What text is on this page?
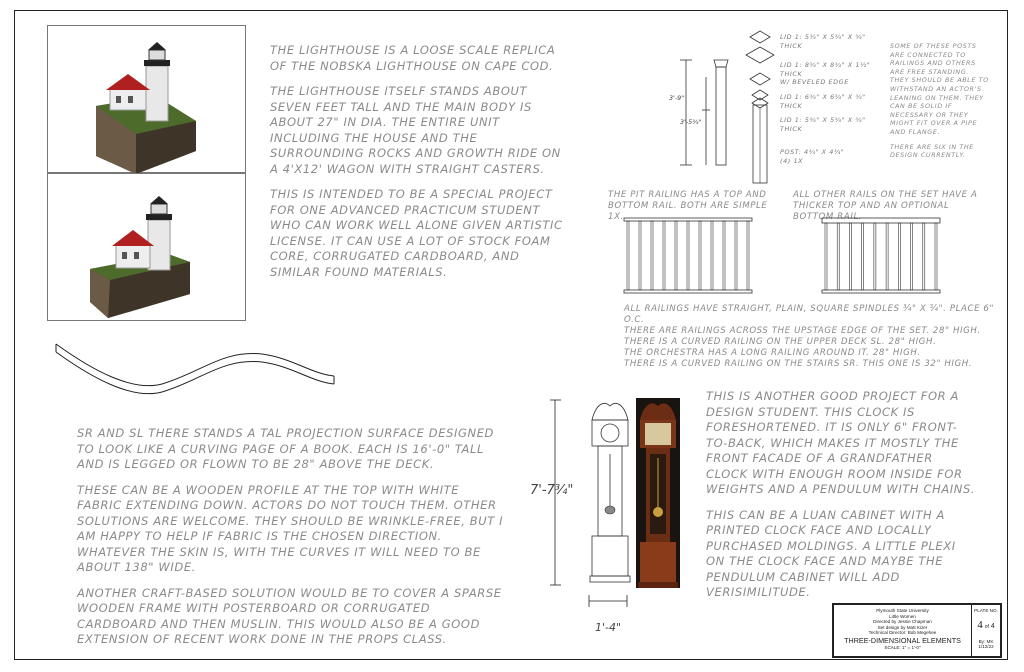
THE LIGHTHOUSE IS A LOOSE SCALE REPLICA OF THE NOBSKA LIGHTHOUSE ON CAPE COD.

THE LIGHTHOUSE ITSELF STANDS ABOUT SEVEN FEET TALL AND THE MAIN BODY IS ABOUT 27" IN DIA. THE ENTIRE UNIT INCLUDING THE HOUSE AND THE SURROUNDING ROCKS AND GROWTH RIDE ON A 4'X12' WAGON WITH STRAIGHT CASTERS.

THIS IS INTENDED TO BE A SPECIAL PROJECT FOR ONE ADVANCED PRACTICUM STUDENT WHO CAN WORK WELL ALONE GIVEN ARTISTIC LICENSE. IT CAN USE A LOT OF STOCK FOAM CORE, CORRUGATED CARDBOARD, AND SIMILAR FOUND MATERIALS.

3'-9"
3'-5¾"

LID 1: 5¾" X 5¾" X ¾" THICK

LID 1: 8¾" X 8¾" X 1½" THICK

W/ BEVELED EDGE

LID 1: 6¾" X 6¾" X ¾" THICK

LID 1: 5¾" X 5¾" X ¾" THICK

POST: 4¾" X 4¾"

(4) 1X

SOME OF THESE POSTS ARE CONNECTED TO RAILINGS AND OTHERS ARE FREE STANDING. THEY SHOULD BE ABLE TO WITHSTAND AN ACTOR'S LEANING ON THEM. THEY CAN BE SOLID IF NECESSARY OR THEY MIGHT FIT OVER A PIPE AND FLANGE.

THERE ARE SIX IN THE DESIGN CURRENTLY.

THE PIT RAILING HAS A TOP AND BOTTOM RAIL. BOTH ARE SIMPLE 1X.
ALL OTHER RAILS ON THE SET HAVE A THICKER TOP AND AN OPTIONAL BOTTOM RAIL.

ALL RAILINGS HAVE STRAIGHT, PLAIN, SQUARE SPINDLES ¾" X ¾". PLACE 6" O.C.

THERE ARE RAILINGS ACROSS THE UPSTAGE EDGE OF THE SET. 28" HIGH.

THERE IS A CURVED RAILING ON THE UPPER DECK SL. 28" HIGH.

THE ORCHESTRA HAS A LONG RAILING AROUND IT. 28" HIGH.

THERE IS A CURVED RAILING ON THE STAIRS SR. THIS ONE IS 32" HIGH.

SR AND SL THERE STANDS A TAL PROJECTION SURFACE DESIGNED TO LOOK LIKE A CURVING PAGE OF A BOOK. EACH IS 16'-0" TALL AND IS LEGGED OR FLOWN TO BE 28" ABOVE THE DECK.

THESE CAN BE A WOODEN PROFILE AT THE TOP WITH WHITE FABRIC EXTENDING DOWN. ACTORS DO NOT TOUCH THEM. OTHER SOLUTIONS ARE WELCOME. THEY SHOULD BE WRINKLE-FREE, BUT I AM HAPPY TO HELP IF FABRIC IS THE CHOSEN DIRECTION. WHATEVER THE SKIN IS, WITH THE CURVES IT WILL NEED TO BE ABOUT 138" WIDE.

ANOTHER CRAFT-BASED SOLUTION WOULD BE TO COVER A SPARSE WOODEN FRAME WITH POSTERBOARD OR CORRUGATED CARDBOARD AND THEN MUSLIN. THIS WOULD ALSO BE A GOOD EXTENSION OF RECENT WORK DONE IN THE PROPS CLASS.

7'-7¾"
1'-4"

THIS IS ANOTHER GOOD PROJECT FOR A DESIGN STUDENT. THIS CLOCK IS FORESHORTENED. IT IS ONLY 6" FRONT-TO-BACK, WHICH MAKES IT MOSTLY THE FRONT FACADE OF A GRANDFATHER CLOCK WITH ENOUGH ROOM INSIDE FOR WEIGHTS AND A PENDULUM WITH CHAINS.

THIS CAN BE A LUAN CABINET WITH A PRINTED CLOCK FACE AND LOCALLY PURCHASED MOLDINGS. A LITTLE PLEXI ON THE CLOCK FACE AND MAYBE THE PENDULUM CABINET WILL ADD VERISIMILITUDE.

Plymouth State University
Little Women
Directed by Jessie Chapman
Set design by Matt Kizer
Technical Director: Bob Megehee
THREE-DIMENSIONAL ELEMENTS
SCALE: 1" = 1'-0"
PLATE NO.
4 of 4
By: MK
1/12/22
